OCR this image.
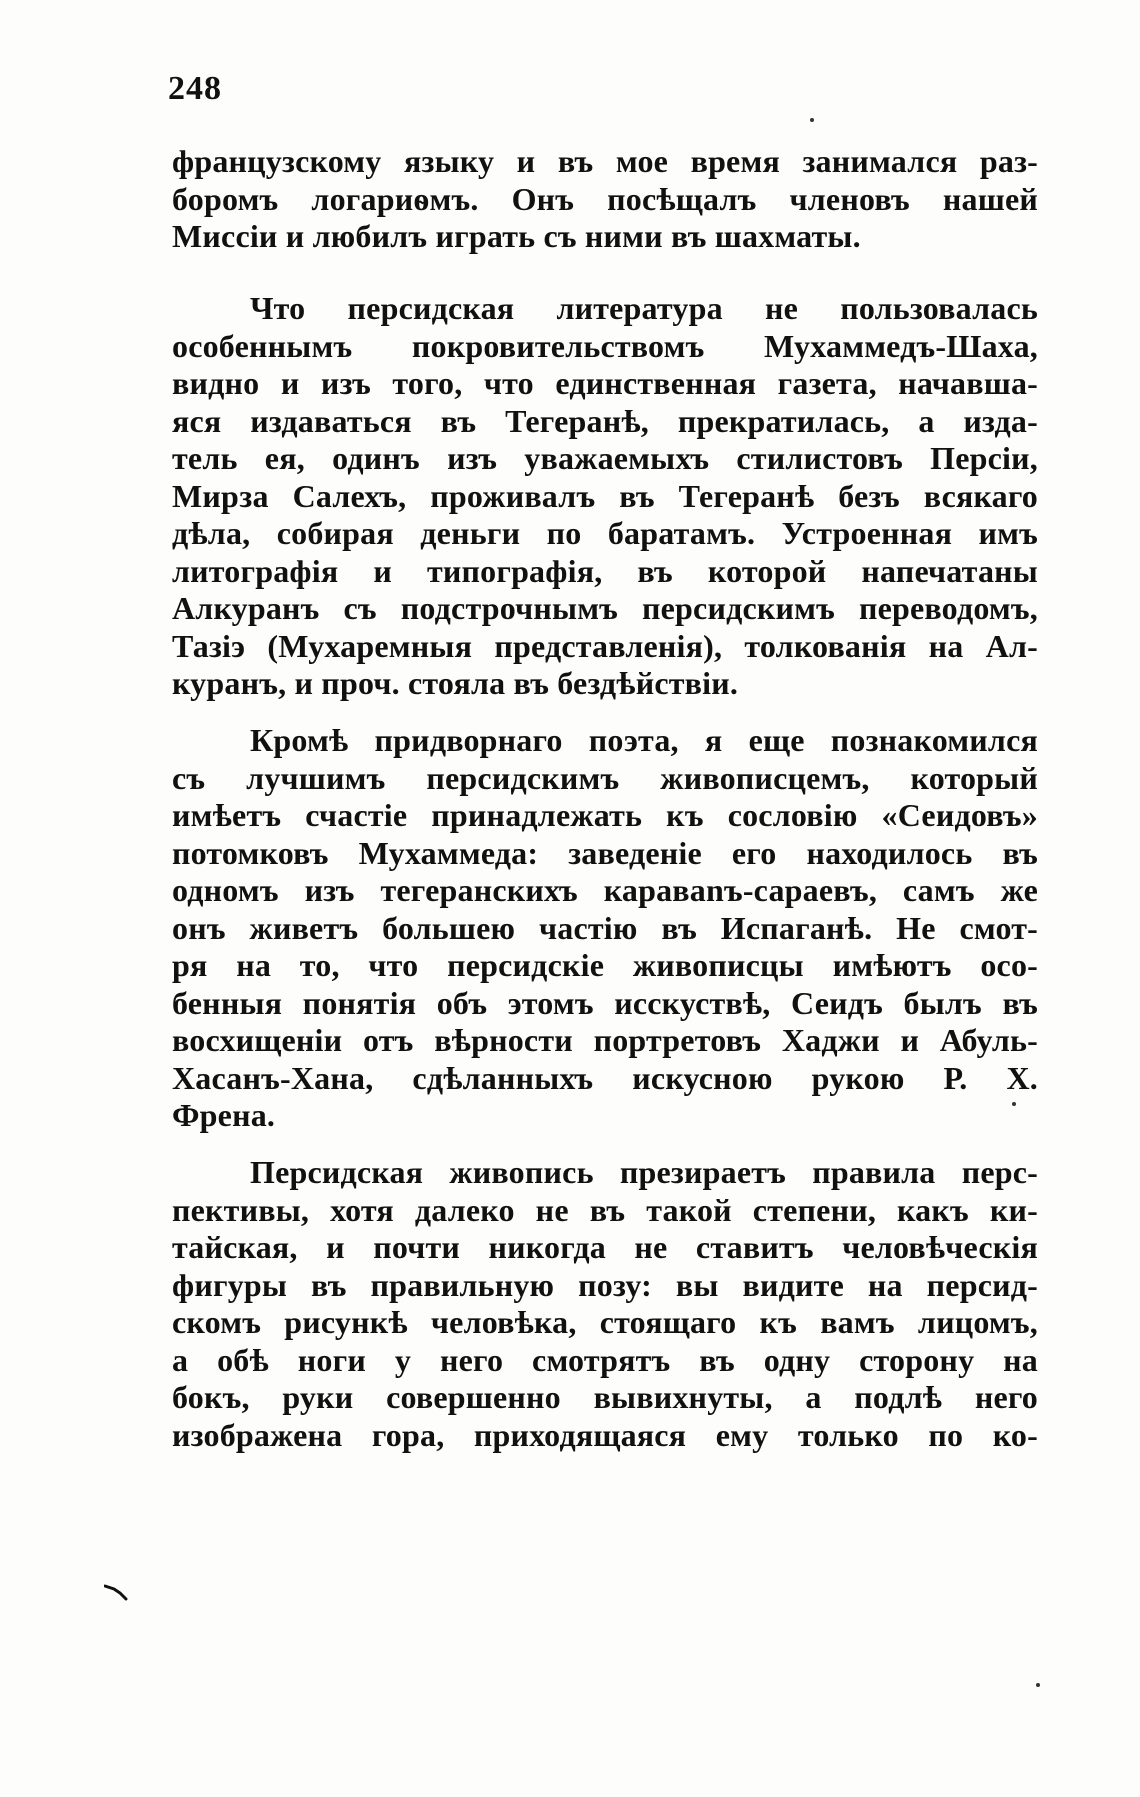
248
французскому языку и въ мое время занимался раз-
боромъ логариѳмъ. Онъ посѣщалъ членовъ нашей
Миссіи и любилъ играть съ ними въ шахматы.
Что персидская литература не пользовалась
особеннымъ покровительствомъ Мухаммедъ-Шаха,
видно и изъ того, что единственная газета, начавша-
яся издаваться въ Тегеранѣ, прекратилась, а изда-
тель ея, одинъ изъ уважаемыхъ стилистовъ Персіи,
Мирза Салехъ, проживалъ въ Тегеранѣ безъ всякаго
дѣла, собирая деньги по баратамъ. Устроенная имъ
литографія и типографія, въ которой напечатаны
Алкуранъ съ подстрочнымъ персидскимъ переводомъ,
Тазіэ (Мухаремныя представленія), толкованія на Ал-
куранъ, и проч. стояла въ бездѣйствіи.
Кромѣ придворнаго поэта, я еще познакомился
съ лучшимъ персидскимъ живописцемъ, который
имѣетъ счастіе принадлежать къ сословію «Сеидовъ»
потомковъ Мухаммеда: заведеніе его находилось въ
одномъ изъ тегеранскихъ каравanъ-сараевъ, самъ же
онъ живетъ большею частію въ Испаганѣ. Не смот-
ря на то, что персидскіе живописцы имѣютъ осо-
бенныя понятія объ этомъ исскуствѣ, Сеидъ былъ въ
восхищеніи отъ вѣрности портретовъ Хаджи и Абуль-
Хасанъ-Хана, сдѣланныхъ искусною рукою Р. Х.
Френа.
Персидская живопись презираетъ правила перс-
пективы, хотя далеко не въ такой степени, какъ ки-
тайская, и почти никогда не ставитъ человѣческія
фигуры въ правильную позу: вы видите на персид-
скомъ рисункѣ человѣка, стоящаго къ вамъ лицомъ,
а обѣ ноги у него смотрятъ въ одну сторону на
бокъ, руки совершенно вывихнуты, а подлѣ него
изображена гора, приходящаяся ему только по ко-
